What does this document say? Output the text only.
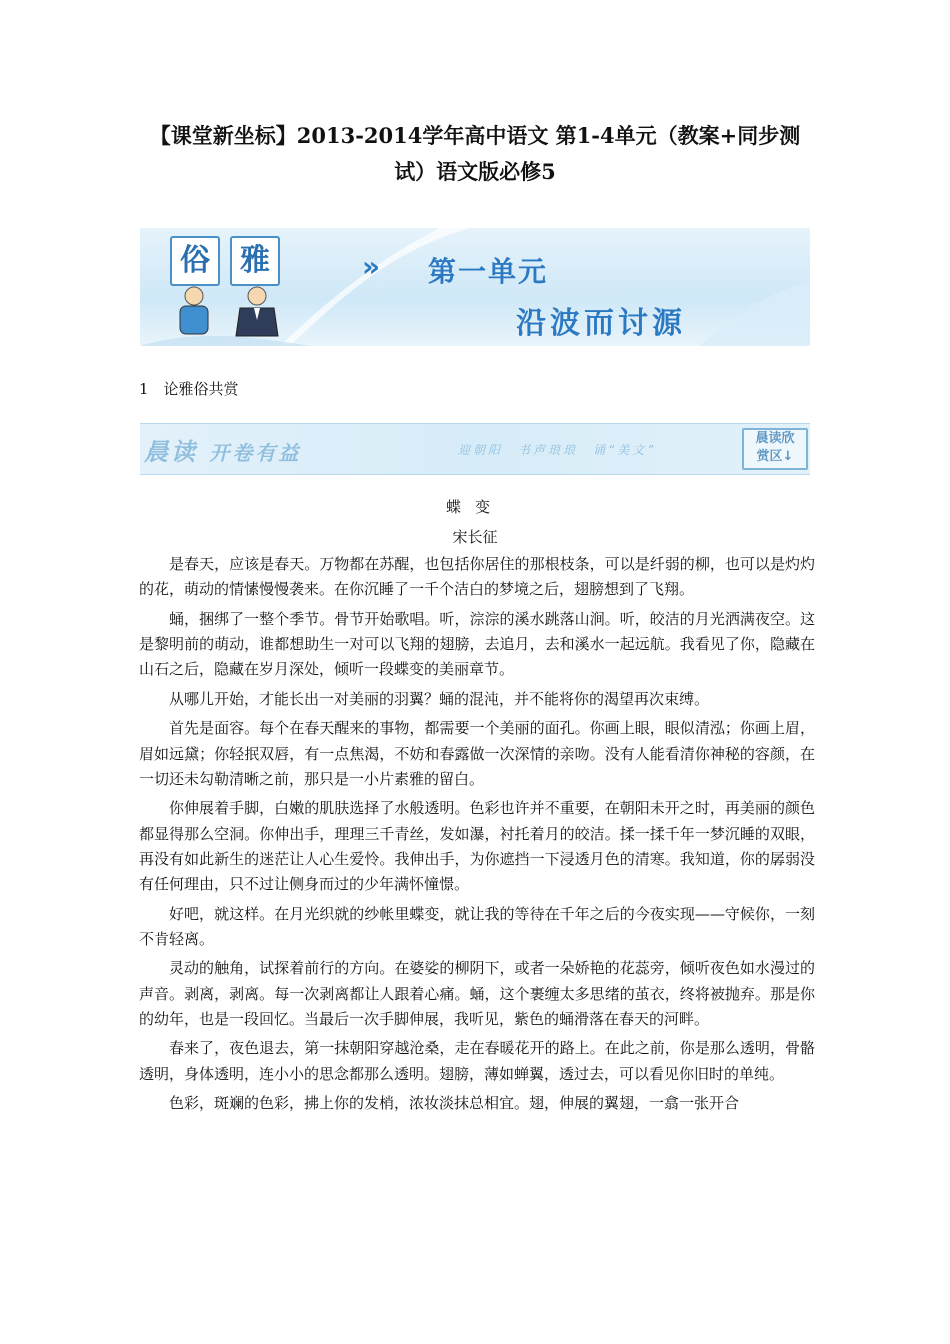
【课堂新坐标】2013-2014学年高中语文 第1-4单元（教案+同步测
试）语文版必修5
俗	雅	» 第一单元
沿波而讨源
1　论雅俗共赏
晨读 开卷有益	迎朝阳　书声琅琅　诵“美文”
晨读欣
赏区↓
蝶变
宋长征

是春天，应该是春天。万物都在苏醒，也包括你居住的那根枝条，可以是纤弱的柳，也可以是灼灼的花，萌动的情愫慢慢袭来。在你沉睡了一千个洁白的梦境之后，翅膀想到了飞翔。

蛹，捆绑了一整个季节。骨节开始歌唱。听，淙淙的溪水跳落山涧。听，皎洁的月光洒满夜空。这是黎明前的萌动，谁都想助生一对可以飞翔的翅膀，去追月，去和溪水一起远航。我看见了你，隐藏在山石之后，隐藏在岁月深处，倾听一段蝶变的美丽章节。

从哪儿开始，才能长出一对美丽的羽翼？蛹的混沌，并不能将你的渴望再次束缚。

首先是面容。每个在春天醒来的事物，都需要一个美丽的面孔。你画上眼，眼似清泓；你画上眉，眉如远黛；你轻抿双唇，有一点焦渴，不妨和春露做一次深情的亲吻。没有人能看清你神秘的容颜，在一切还未勾勒清晰之前，那只是一小片素雅的留白。

你伸展着手脚，白嫩的肌肤选择了水般透明。色彩也许并不重要，在朝阳未开之时，再美丽的颜色都显得那么空洞。你伸出手，理理三千青丝，发如瀑，衬托着月的皎洁。揉一揉千年一梦沉睡的双眼，再没有如此新生的迷茫让人心生爱怜。我伸出手，为你遮挡一下浸透月色的清寒。我知道，你的孱弱没有任何理由，只不过让侧身而过的少年满怀憧憬。

好吧，就这样。在月光织就的纱帐里蝶变，就让我的等待在千年之后的今夜实现——守候你，一刻不肯轻离。

灵动的触角，试探着前行的方向。在婆娑的柳阴下，或者一朵娇艳的花蕊旁，倾听夜色如水漫过的声音。剥离，剥离。每一次剥离都让人跟着心痛。蛹，这个裹缠太多思绪的茧衣，终将被抛弃。那是你的幼年，也是一段回忆。当最后一次手脚伸展，我听见，紫色的蛹滑落在春天的河畔。

春来了，夜色退去，第一抹朝阳穿越沧桑，走在春暖花开的路上。在此之前，你是那么透明，骨骼透明，身体透明，连小小的思念都那么透明。翅膀，薄如蝉翼，透过去，可以看见你旧时的单纯。

色彩，斑斓的色彩，拂上你的发梢，浓妆淡抹总相宜。翅，伸展的翼翅，一翕一张开合
